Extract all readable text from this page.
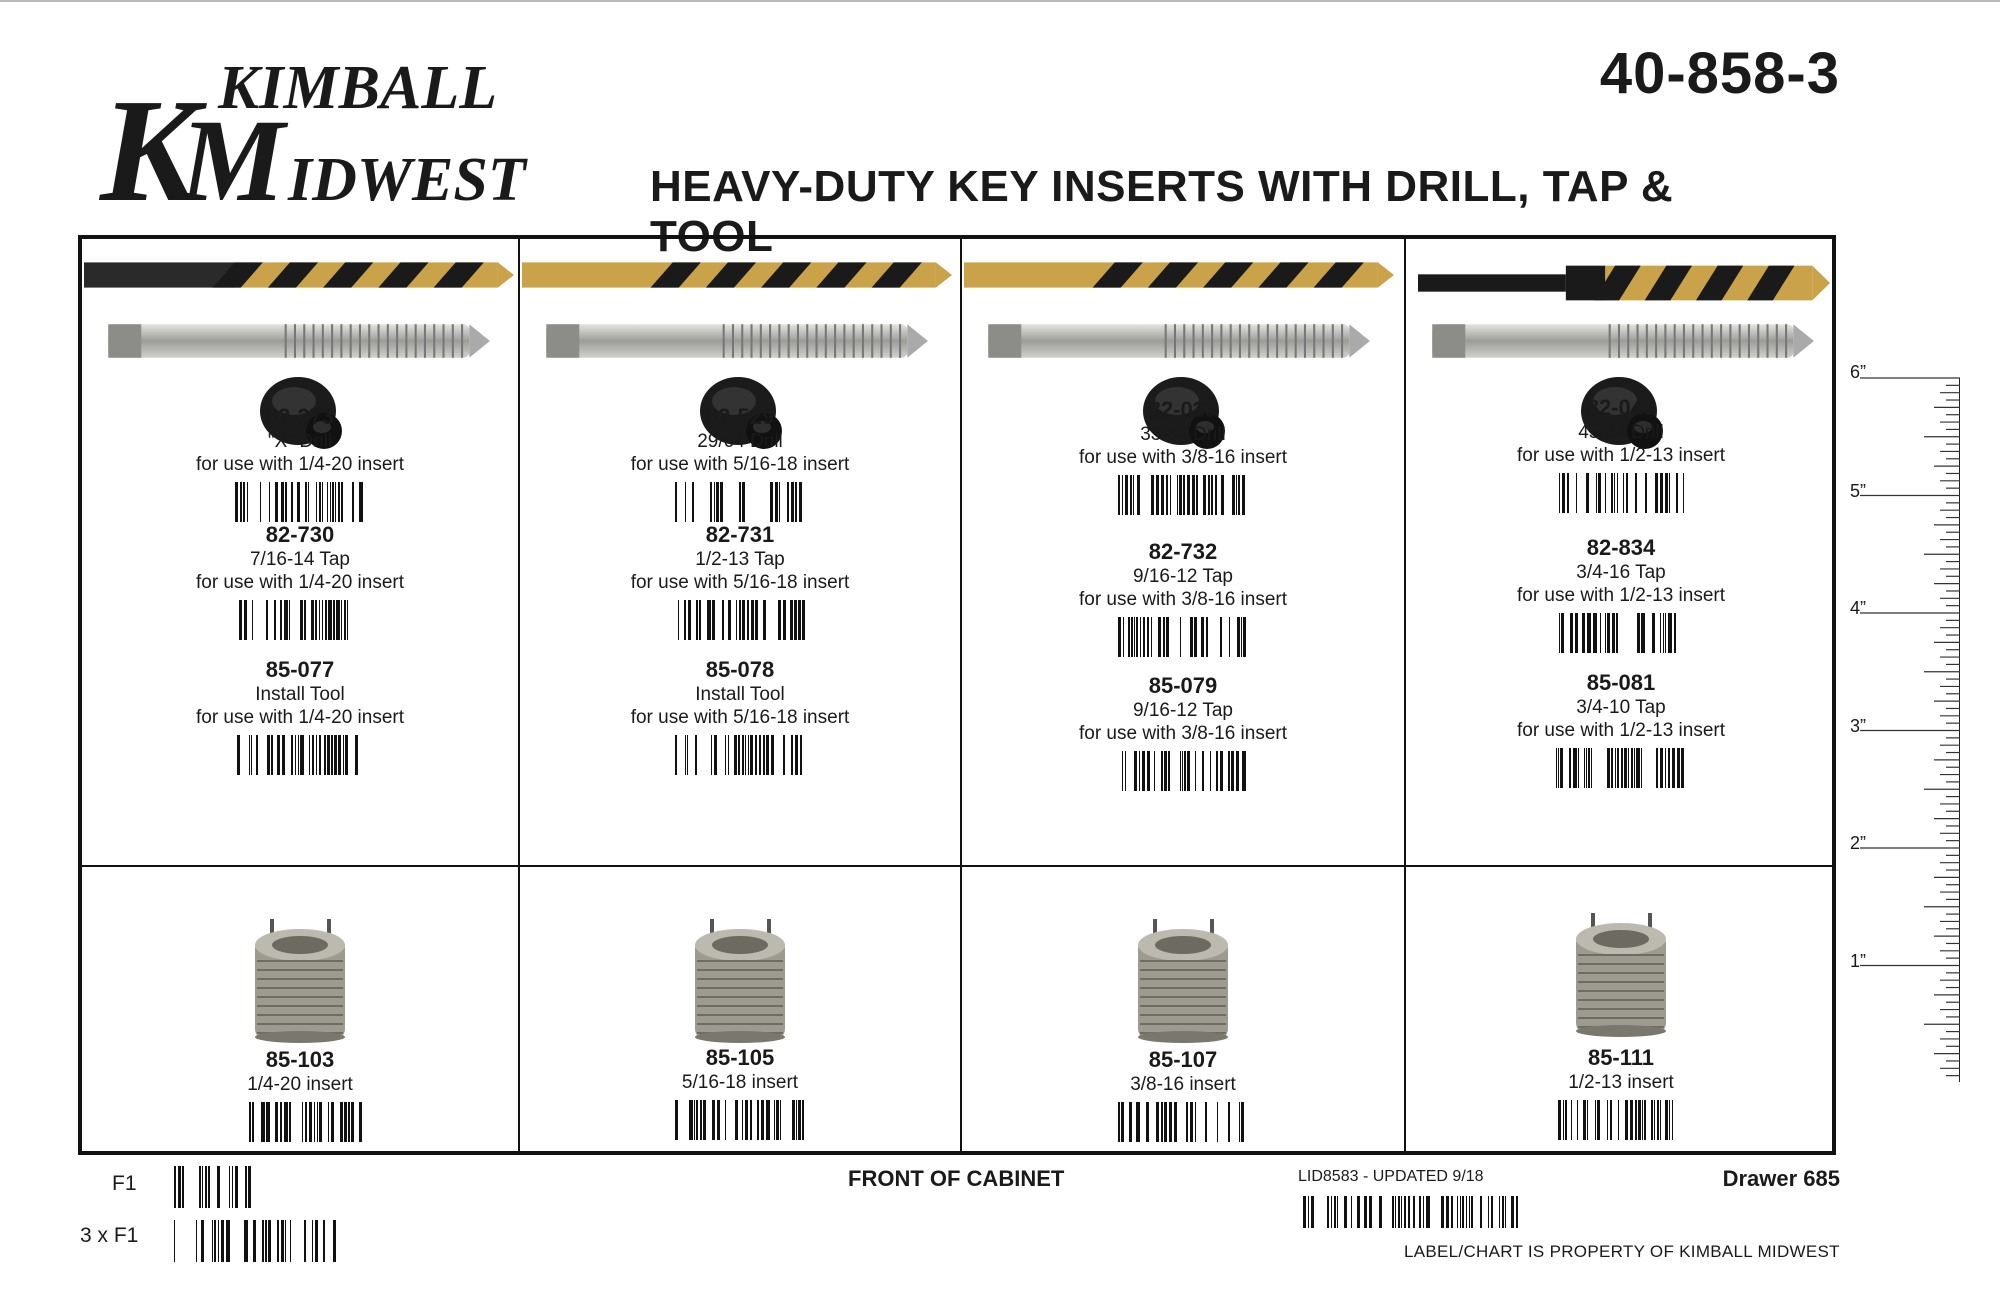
K
M
KIMBALL
IDWEST
40-858-3
HEAVY-DUTY KEY INSERTS WITH DRILL, TAP & TOOL
82-273
"X" Drill
for use with 1/4-20 insert
82-730
7/16-14 Tap
for use with 1/4-20 insert
85-077
Install Tool
for use with 1/4-20 insert
85-103
1/4-20 insert
82-529
29/64 Drill
for use with 5/16-18 insert
82-731
1/2-13 Tap
for use with 5/16-18 insert
85-078
Install Tool
for use with 5/16-18 insert
85-105
5/16-18 insert
82-033
33/64 Drill
for use with 3/8-16 insert
82-732
9/16-12 Tap
for use with 3/8-16 insert
85-079
9/16-12 Tap
for use with 3/8-16 insert
85-107
3/8-16 insert
82-045
45/64 Drill
for use with 1/2-13 insert
82-834
3/4-16 Tap
for use with 1/2-13 insert
85-081
3/4-10 Tap
for use with 1/2-13 insert
85-111
1/2-13 insert
6”
5”
4”
3”
2”
1”
F1
3 x F1
FRONT OF CABINET	LID8583 - UPDATED 9/18	Drawer 685
LABEL/CHART IS PROPERTY OF KIMBALL MIDWEST
